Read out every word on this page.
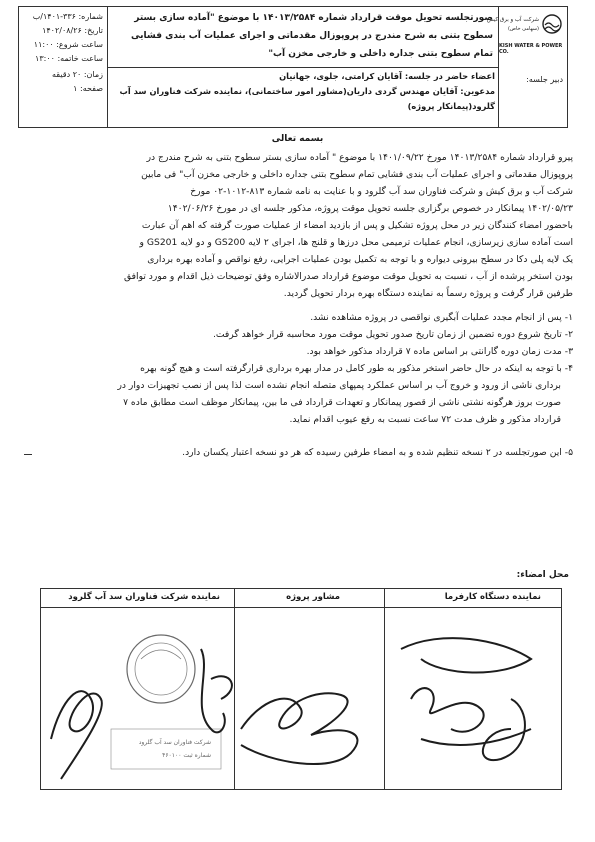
شماره: ۳۳۶-۱۴۰۱/ب
تاریخ: ۱۴۰۲/۰۸/۲۶
ساعت شروع: ۱۱:۰۰
ساعت خاتمه: ۱۳:۰۰
زمان: ۲۰ دقیقه
صفحه: ۱
صورتجلسه تحویل موقت قرارداد شماره ۱۴۰۱۳/۲۵۸۴ با موضوع "آماده سازی بستر
سطوح بتنی به شرح مندرج در پروپوزال مقدماتی و اجرای عملیات آب بندی فشایی
تمام سطوح بتنی جداره داخلی و خارجی مخزن آب"
اعضاء حاضر در جلسه: آقایان کرامتی، جلوی، جهانیان
مدعوین: آقایان مهندس گردی داریان(مشاور امور ساختمانی)، نماینده شرکت فناوران سد آب
گلرود(پیمانکار پروژه)
شرکت آب و برق کیش
(سهامی خاص)
KISH WATER & POWER CO.
دبیر جلسه:
بسمه تعالی
پیرو قرارداد شماره ۱۴۰۱۳/۲۵۸۴ مورخ ۱۴۰۱/۰۹/۲۲ با موضوع " آماده سازی بستر سطوح بتنی به شرح مندرج در
پروپوزال مقدماتی و اجرای عملیات آب بندی فشایی تمام سطوح بتنی جداره داخلی و خارجی مخزن آب" فی مابین
شرکت آب و برق کیش و شرکت فناوران سد آب گلرود و با عنایت به نامه شماره ۸۱۳-۱۰۱۲-۰۲ مورخ
۱۴۰۲/۰۵/۲۳ پیمانکار در خصوص برگزاری جلسه تحویل موقت پروژه، مذکور جلسه ای در مورخ ۱۴۰۲/۰۶/۲۶
باحضور امضاء کنندگان زیر در محل پروژه تشکیل و پس از بازدید امضاء از عملیات صورت گرفته که اهم آن عبارت
است آماده سازی زیرسازی، انجام عملیات ترمیمی محل درزها و قلنج ها، اجرای ۲ لایه GS200 و دو لایه GS201 و
یک لایه پلی دکا در سطح بیرونی دیواره و با توجه به تکمیل بودن عملیات اجرایی، رفع نواقص و آماده بهره برداری
بودن استخر پرشده از آب ، نسبت به تحویل موقت موضوع قرارداد صدرالاشاره وفق توضیحات ذیل اقدام و مورد توافق
طرفین قرار گرفت و پروژه رسماً به نماینده دستگاه بهره بردار تحویل گردید.
۱- پس از انجام مجدد عملیات آبگیری نواقصی در پروژه مشاهده نشد.
۲- تاریخ شروع دوره تضمین از زمان تاریخ صدور تحویل موقت مورد محاسبه قرار خواهد گرفت.
۳- مدت زمان دوره گارانتی بر اساس ماده ۷ قرارداد مذکور خواهد بود.
۴- با توجه به اینکه در حال حاضر استخر مذکور به طور کامل در مدار بهره برداری قرارگرفته است و هیچ گونه بهره
برداری ناشی از ورود و خروج آب بر اساس عملکرد پمپهای متصله انجام نشده است لذا پس از نصب تجهیزات دوار در
صورت بروز هرگونه نشتی ناشی از قصور پیمانکار و تعهدات قرارداد فی ما بین، پیمانکار موظف است مطابق ماده ۷
قرارداد مذکور و ظرف مدت ۷۲ ساعت نسبت به رفع عیوب اقدام نماید.
۵- این صورتجلسه در ۲ نسخه تنظیم شده و به امضاء طرفین رسیده که هر دو نسخه اعتبار یکسان دارد.
محل امضاء:
نماینده دستگاه کارفرما
مشاور پروژه
نماینده شرکت فناوران سد آب گلرود
شرکت فناوران سد آب گلرود
شماره ثبت ۴۶۰۱۰۰
